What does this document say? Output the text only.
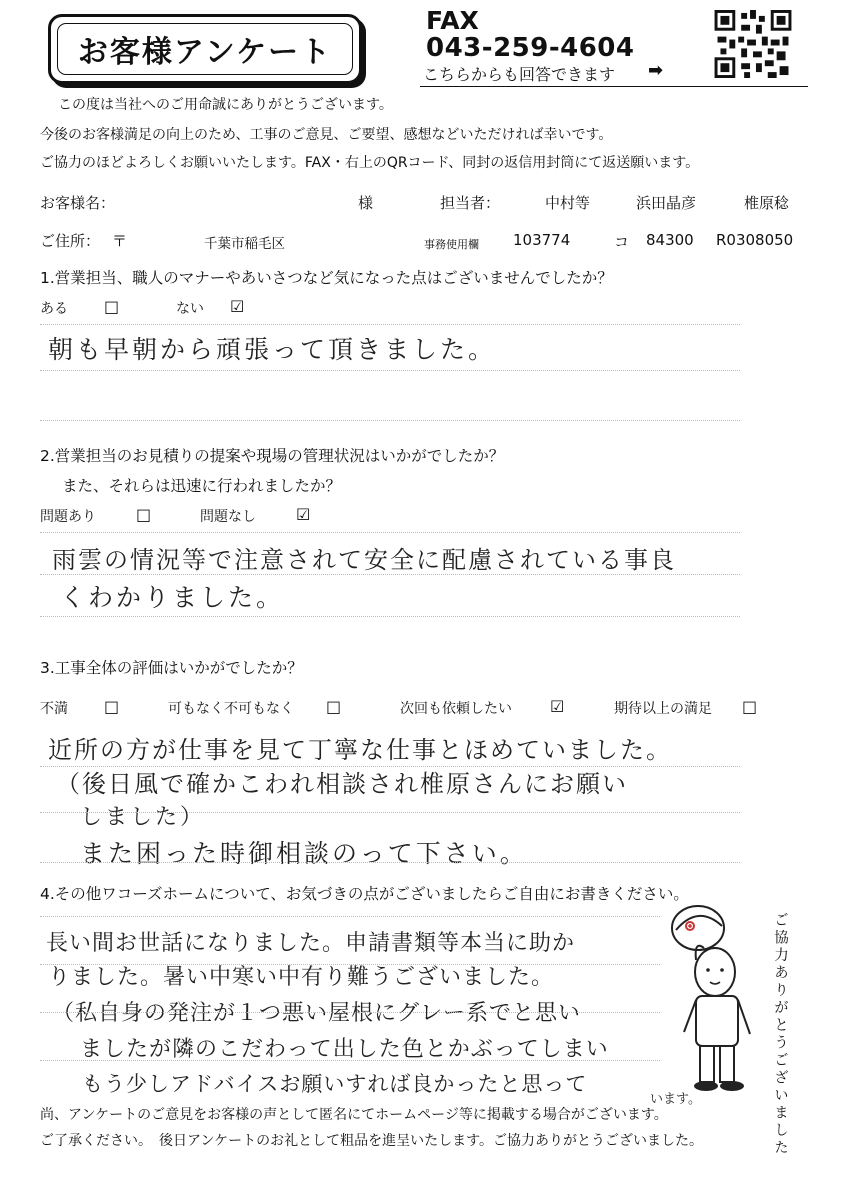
お客様アンケート
FAX
043-259-4604
こちらからも回答できます ➡
この度は当社へのご用命誠にありがとうございます。
今後のお客様満足の向上のため、工事のご意見、ご要望、感想などいただければ幸いです。
ご協力のほどよろしくお願いいたします。FAX・右上のQRコード、同封の返信用封筒にて返送願います。
お客様名：	様	担当者：	中村等	浜田晶彦	椎原稔
ご住所： 〒	千葉市稲毛区	事務使用欄 103774	コ 84300 R0308050
1.営業担当、職人のマナーやあいさつなど気になった点はございませんでしたか？
ある □	ない ☑
朝も早朝から頑張って頂きました。
2.営業担当のお見積りの提案や現場の管理状況はいかがでしたか？
また、それらは迅速に行われましたか？
問題あり	□	問題なし	☑
雨雲の情況等で注意されて安全に配慮されている事良
くわかりました。
3.工事全体の評価はいかがでしたか？
不満 □	可もなく不可もなく □	次回も依頼したい ☑	期待以上の満足 □
近所の方が仕事を見て丁寧な仕事とほめていました。
（後日風で確かこわれ相談され椎原さんにお願い
しました）
また困った時御相談のって下さい。
4.その他ワコーズホームについて、お気づきの点がございましたらご自由にお書きください。
長い間お世話になりました。申請書類等本当に助か
りました。暑い中寒い中有り難うございました。
（私自身の発注が１つ悪い屋根にグレー系でと思い
ましたが隣のこだわって出した色とかぶってしまい
もう少しアドバイスお願いすれば良かったと思って
います。	ご協力ありがとうございました
尚、アンケートのご意見をお客様の声として匿名にてホームページ等に掲載する場合がございます。
ご了承ください。　後日アンケートのお礼として粗品を進呈いたします。ご協力ありがとうございました。
